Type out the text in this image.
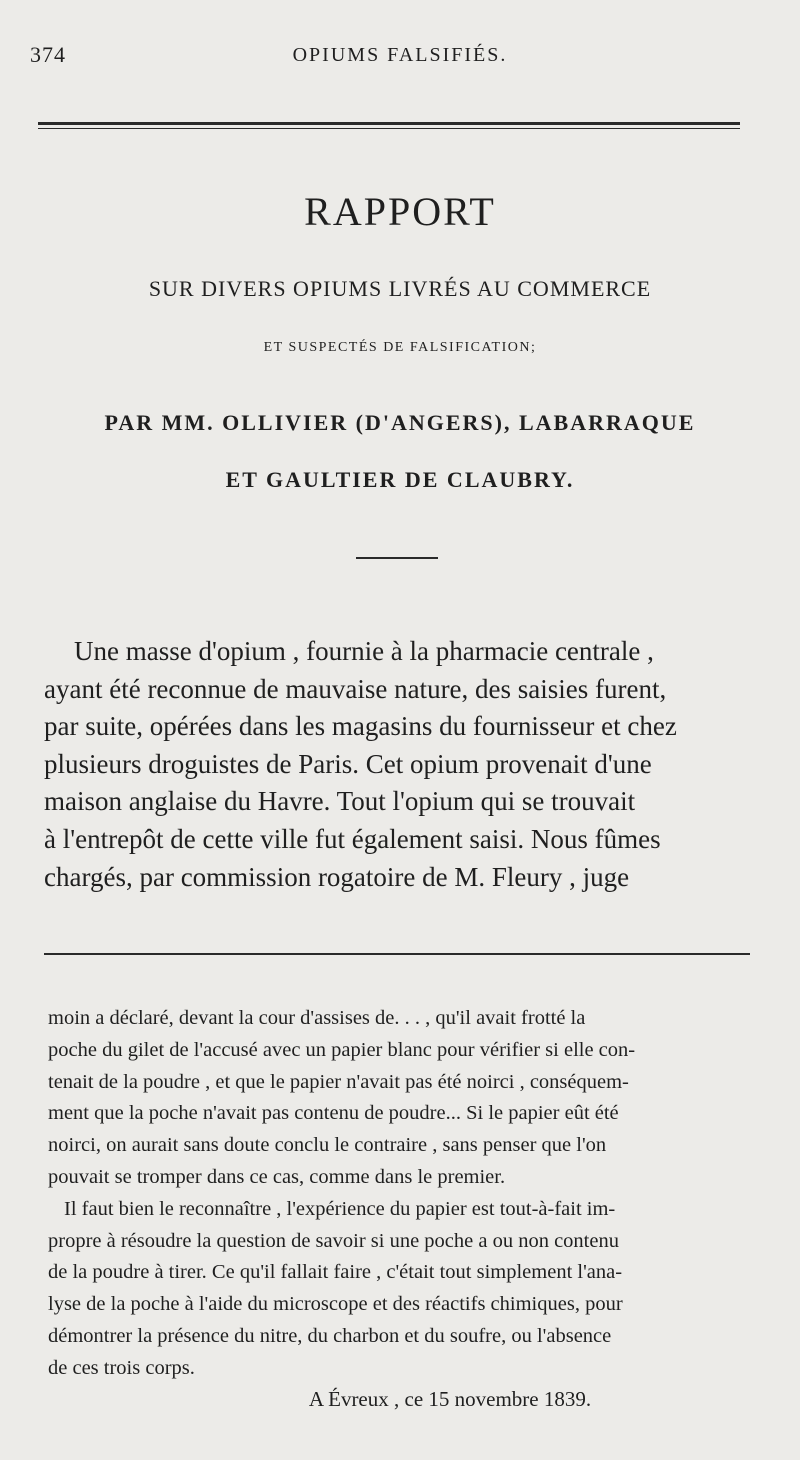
374	OPIUMS FALSIFIÉS.
RAPPORT
SUR DIVERS OPIUMS LIVRÉS AU COMMERCE
ET SUSPECTÉS DE FALSIFICATION;
PAR MM. OLLIVIER (D'ANGERS), LABARRAQUE
ET GAULTIER DE CLAUBRY.
Une masse d'opium , fournie à la pharmacie centrale ,
ayant été reconnue de mauvaise nature, des saisies furent,
par suite, opérées dans les magasins du fournisseur et chez
plusieurs droguistes de Paris. Cet opium provenait d'une
maison anglaise du Havre. Tout l'opium qui se trouvait
à l'entrepôt de cette ville fut également saisi. Nous fûmes
chargés, par commission rogatoire de M. Fleury , juge
moin a déclaré, devant la cour d'assises de. . . , qu'il avait frotté la
poche du gilet de l'accusé avec un papier blanc pour vérifier si elle con-
tenait de la poudre , et que le papier n'avait pas été noirci , conséquem-
ment que la poche n'avait pas contenu de poudre... Si le papier eût été
noirci, on aurait sans doute conclu le contraire , sans penser que l'on
pouvait se tromper dans ce cas, comme dans le premier.
Il faut bien le reconnaître , l'expérience du papier est tout-à-fait im-
propre à résoudre la question de savoir si une poche a ou non contenu
de la poudre à tirer. Ce qu'il fallait faire , c'était tout simplement l'ana-
lyse de la poche à l'aide du microscope et des réactifs chimiques, pour
démontrer la présence du nitre, du charbon et du soufre, ou l'absence
de ces trois corps.
A Évreux , ce 15 novembre 1839.
